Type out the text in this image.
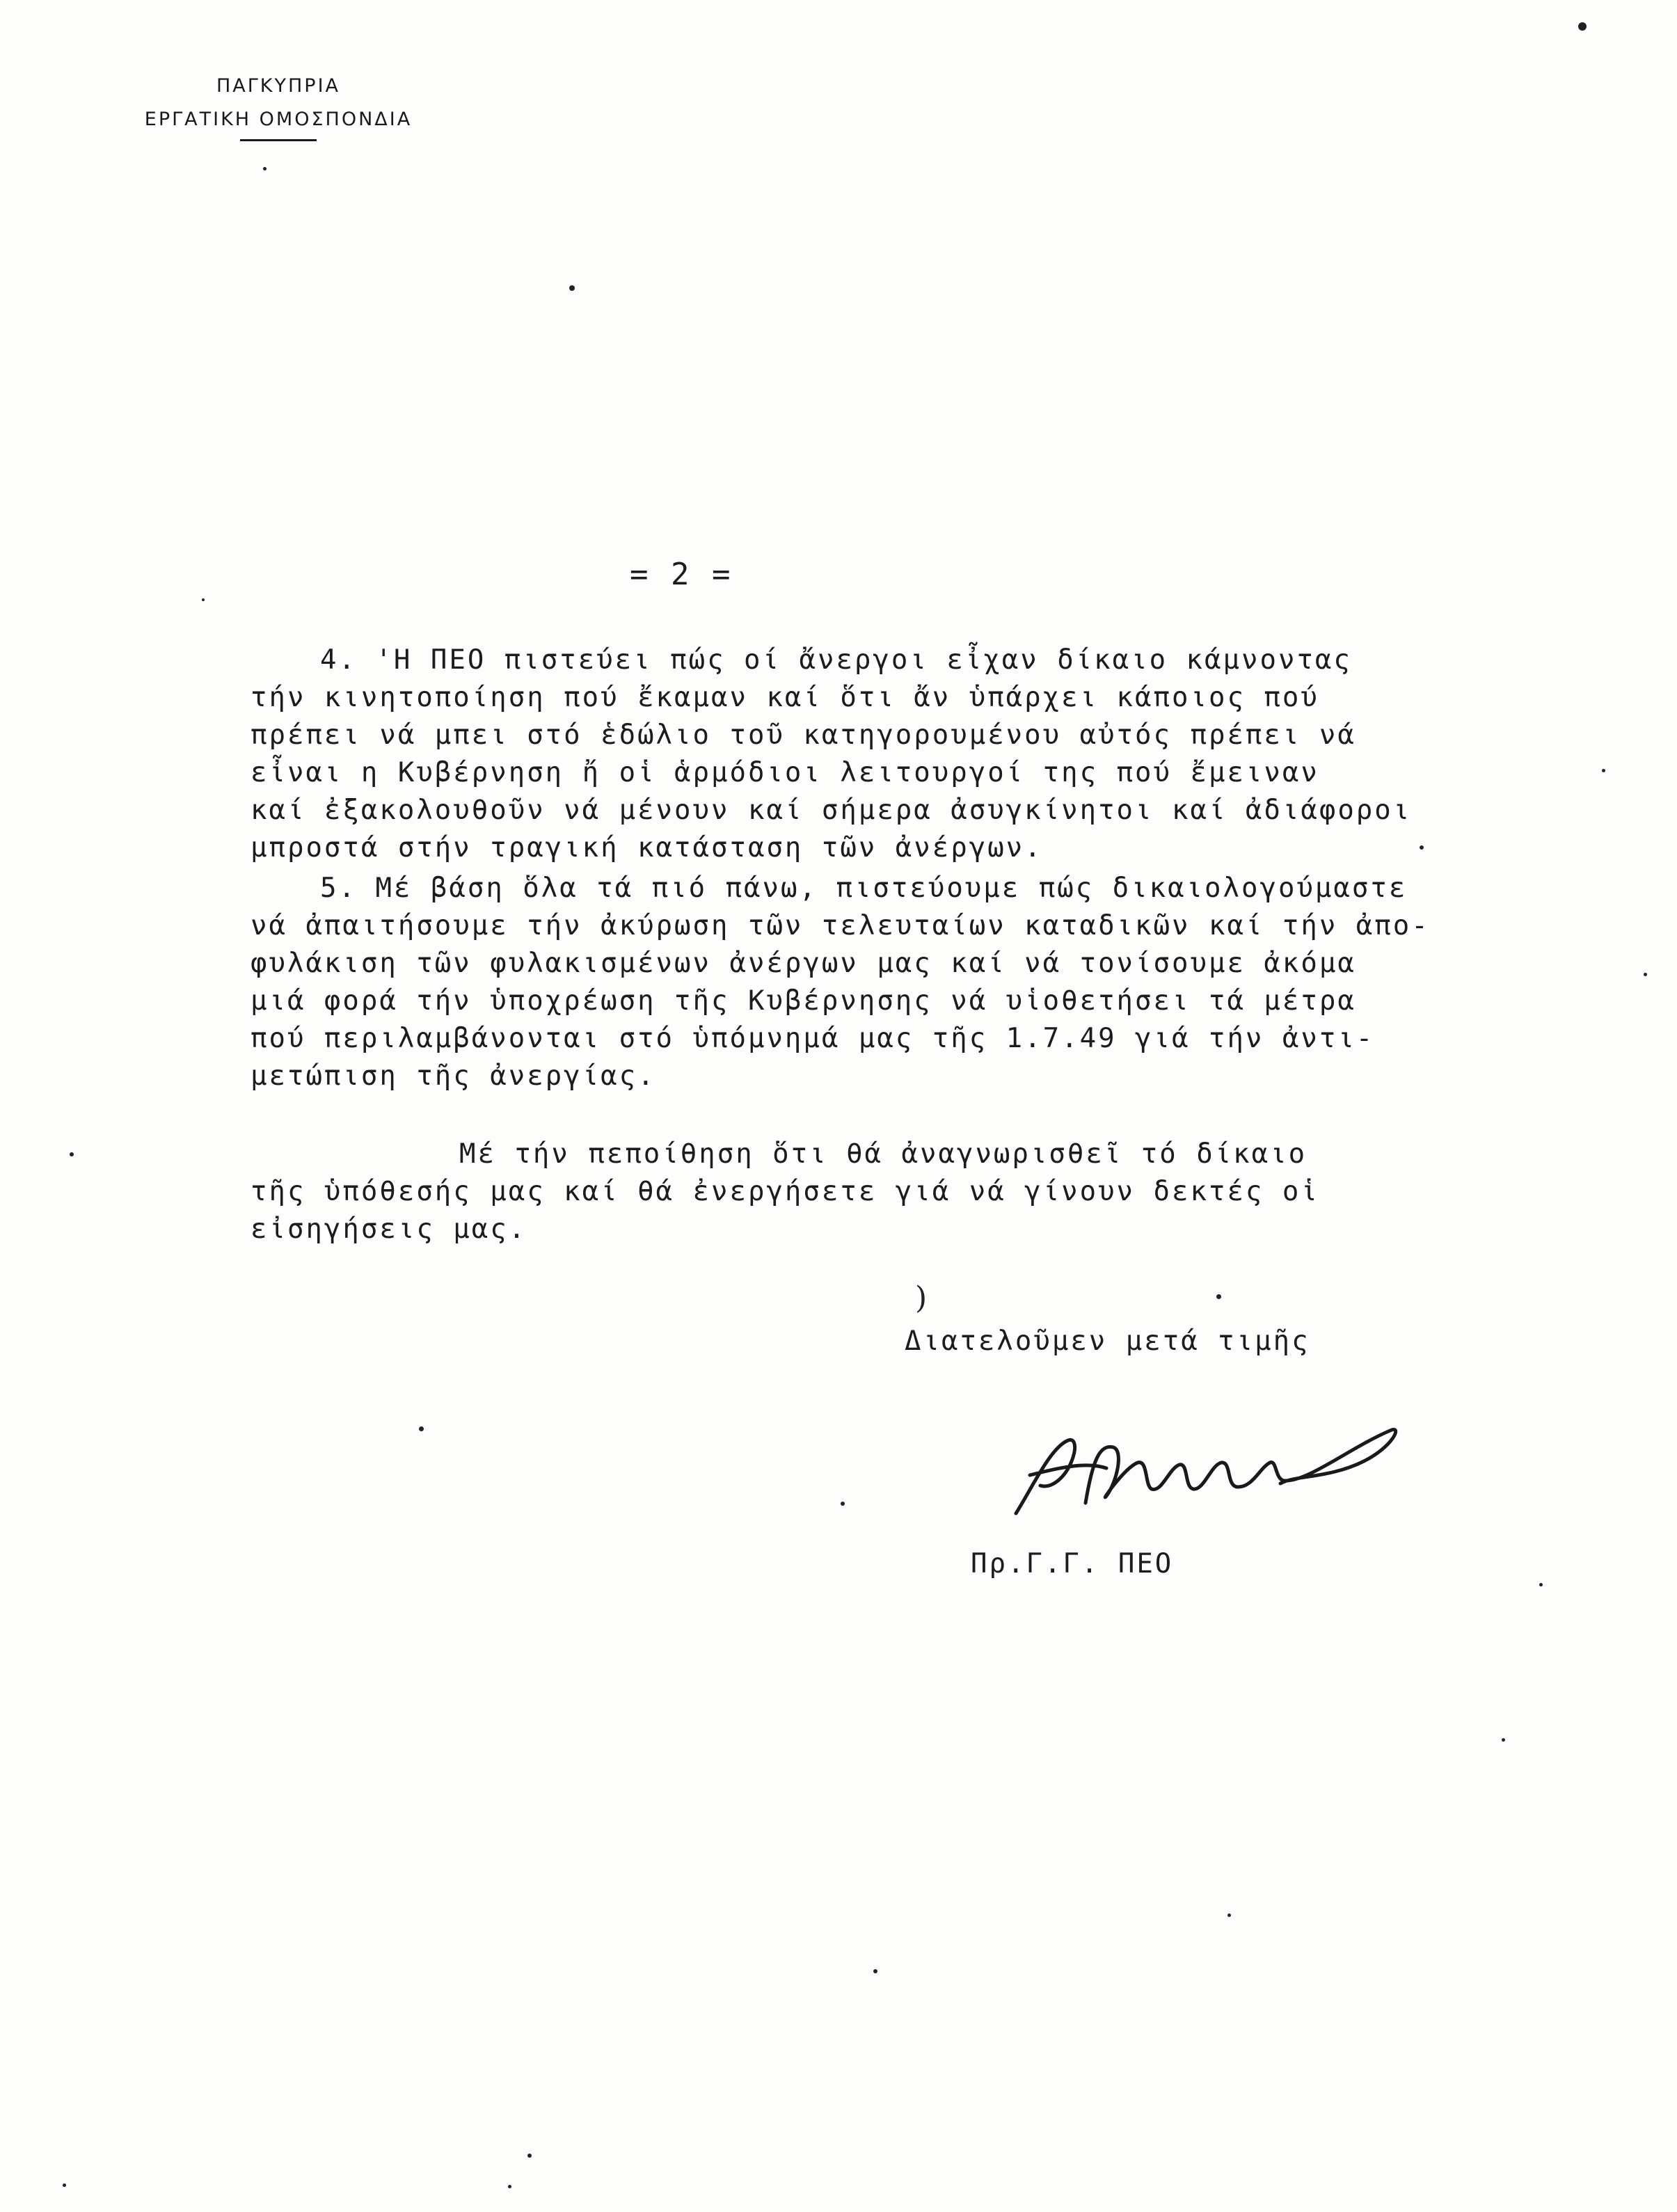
ΠΑΓΚΥΠΡΙΑ
ΕΡΓΑΤΙΚΗ ΟΜΟΣΠΟΝΔΙΑ
= 2 =
4. 'Η ΠΕΟ πιστεύει πώς οί ἄνεργοι εἶχαν δίκαιο κάμνοντας
τήν κινητοποίηση πού ἔκαμαν καί ὅτι ἄν ὑπάρχει κάποιος πού
πρέπει νά μπει στό ἑδώλιο τοῦ κατηγορουμένου αὐτός πρέπει νά
εἶναι η Κυβέρνηση ἤ οἱ ἁρμόδιοι λειτουργοί της πού ἔμειναν
καί ἐξακολουθοῦν νά μένουν καί σήμερα ἀσυγκίνητοι καί ἀδιάφοροι
μπροστά στήν τραγική κατάσταση τῶν ἀνέργων.
5. Μέ βάση ὅλα τά πιό πάνω, πιστεύουμε πώς δικαιολογούμαστε
νά ἀπαιτήσουμε τήν ἀκύρωση τῶν τελευταίων καταδικῶν καί τήν ἀπο-
φυλάκιση τῶν φυλακισμένων ἀνέργων μας καί νά τονίσουμε ἀκόμα
μιά φορά τήν ὑποχρέωση τῆς Κυβέρνησης νά υἱοθετήσει τά μέτρα
πού περιλαμβάνονται στό ὑπόμνημά μας τῆς 1.7.49 γιά τήν ἀντι-
μετώπιση τῆς ἀνεργίας.
Μέ τήν πεποίθηση ὅτι θά ἀναγνωρισθεῖ τό δίκαιο
τῆς ὑπόθεσής μας καί θά ἐνεργήσετε γιά νά γίνουν δεκτές οἱ
εἰσηγήσεις μας.
)
Διατελοῦμεν μετά τιμῆς
Πρ.Γ.Γ. ΠΕΟ
